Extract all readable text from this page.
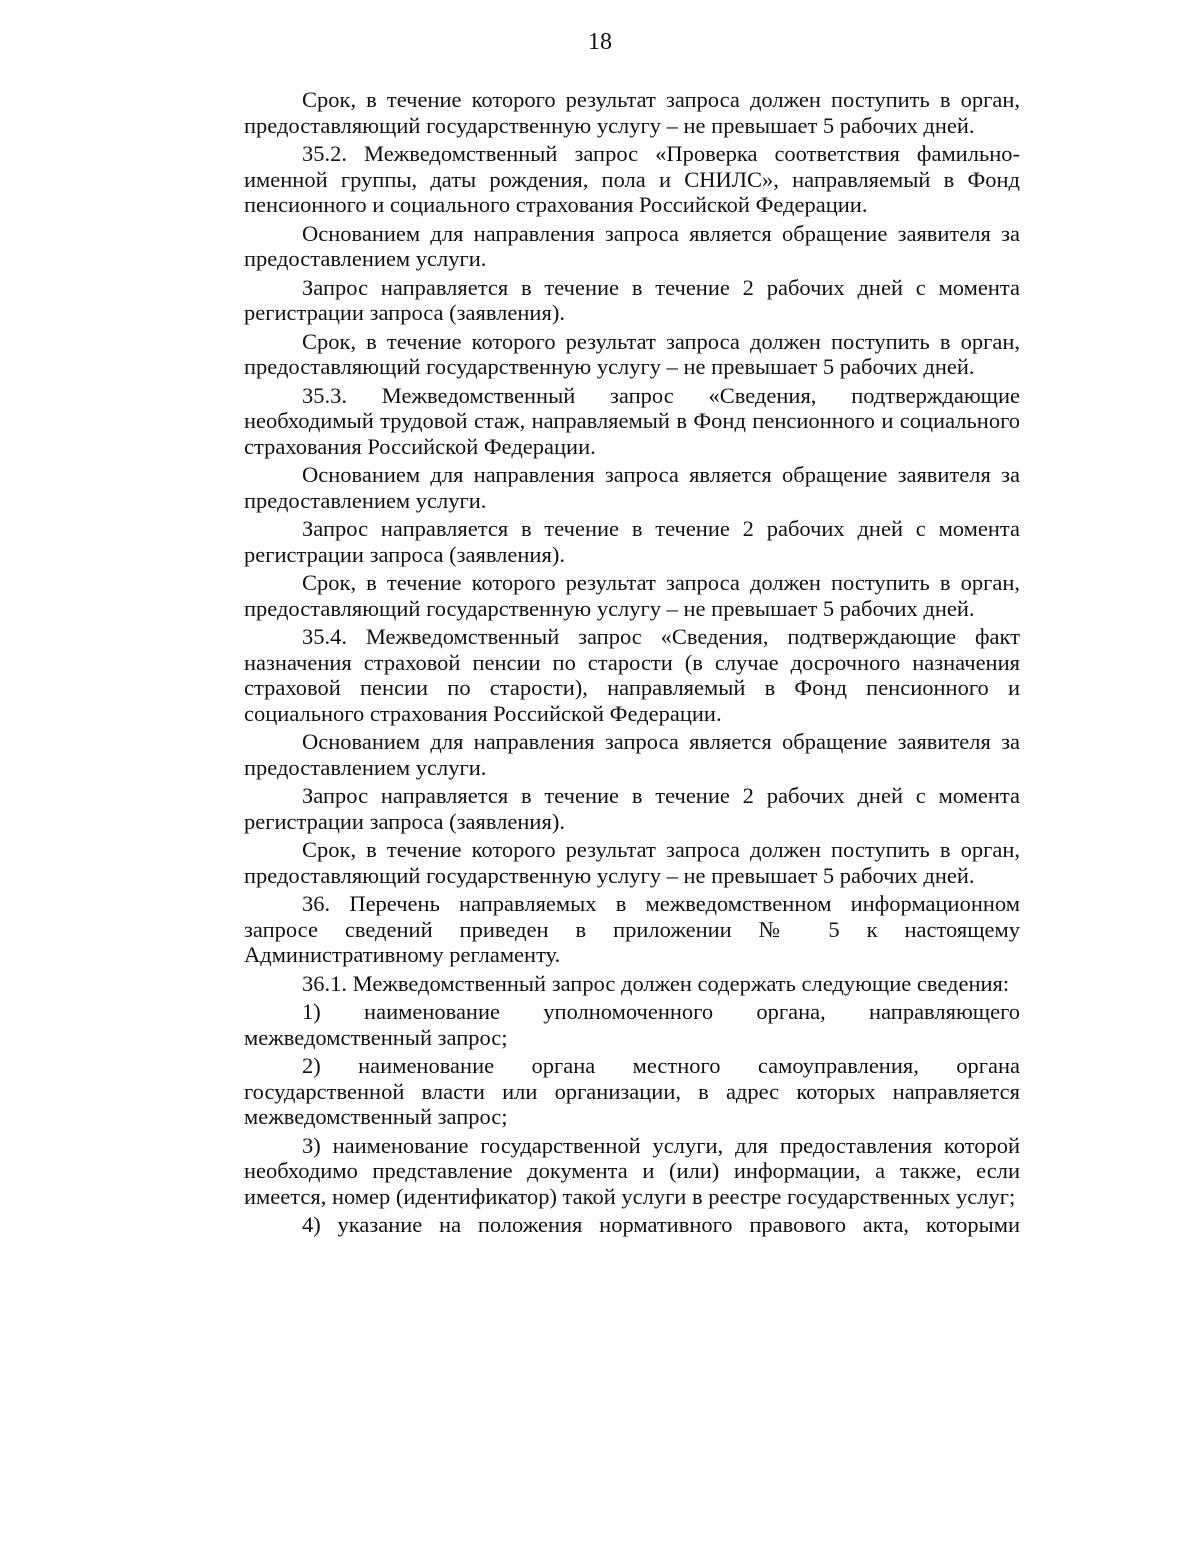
18

Срок, в течение которого результат запроса должен поступить в орган, предоставляющий государственную услугу – не превышает 5 рабочих дней.

35.2. Межведомственный запрос «Проверка соответствия фамильно-именной группы, даты рождения, пола и СНИЛС», направляемый в Фонд пенсионного и социального страхования Российской Федерации.

Основанием для направления запроса является обращение заявителя за предоставлением услуги.

Запрос направляется в течение в течение 2 рабочих дней с момента регистрации запроса (заявления).

Срок, в течение которого результат запроса должен поступить в орган, предоставляющий государственную услугу – не превышает 5 рабочих дней.

35.3. Межведомственный запрос «Сведения, подтверждающие необходимый трудовой стаж, направляемый в Фонд пенсионного и социального страхования Российской Федерации.

Основанием для направления запроса является обращение заявителя за предоставлением услуги.

Запрос направляется в течение в течение 2 рабочих дней с момента регистрации запроса (заявления).

Срок, в течение которого результат запроса должен поступить в орган, предоставляющий государственную услугу – не превышает 5 рабочих дней.

35.4. Межведомственный запрос «Сведения, подтверждающие факт назначения страховой пенсии по старости (в случае досрочного назначения страховой пенсии по старости), направляемый в Фонд пенсионного и социального страхования Российской Федерации.

Основанием для направления запроса является обращение заявителя за предоставлением услуги.

Запрос направляется в течение в течение 2 рабочих дней с момента регистрации запроса (заявления).

Срок, в течение которого результат запроса должен поступить в орган, предоставляющий государственную услугу – не превышает 5 рабочих дней.

36. Перечень направляемых в межведомственном информационном запросе сведений приведен в приложении № 5 к настоящему Административному регламенту.

36.1. Межведомственный запрос должен содержать следующие сведения:

1) наименование уполномоченного органа, направляющего межведомственный запрос;

2) наименование органа местного самоуправления, органа государственной власти или организации, в адрес которых направляется межведомственный запрос;

3) наименование государственной услуги, для предоставления которой необходимо представление документа и (или) информации, а также, если имеется, номер (идентификатор) такой услуги в реестре государственных услуг;

4) указание на положения нормативного правового акта, которыми
